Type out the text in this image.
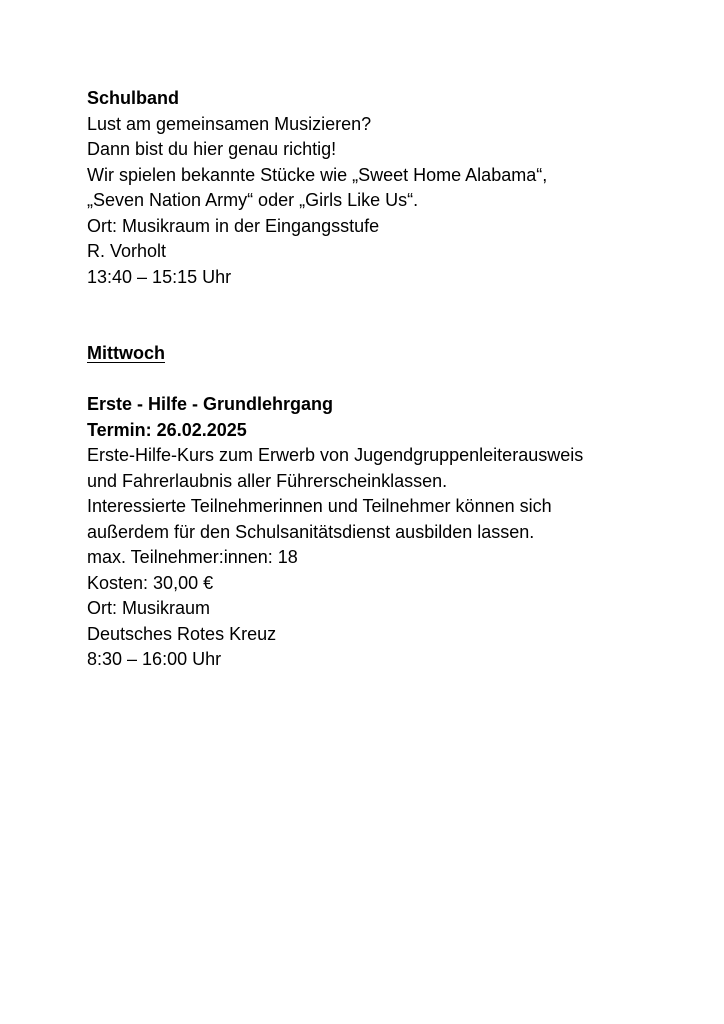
Schulband
Lust am gemeinsamen Musizieren?
Dann bist du hier genau richtig!
Wir spielen bekannte Stücke wie „Sweet Home Alabama“,
„Seven Nation Army“ oder „Girls Like Us“.
Ort: Musikraum in der Eingangsstufe
R. Vorholt
13:40 – 15:15 Uhr
Mittwoch
Erste - Hilfe - Grundlehrgang
Termin: 26.02.2025
Erste-Hilfe-Kurs zum Erwerb von Jugendgruppenleiterausweis
und Fahrerlaubnis aller Führerscheinklassen.
Interessierte Teilnehmerinnen und Teilnehmer können sich
außerdem für den Schulsanitätsdienst ausbilden lassen.
max. Teilnehmer:innen: 18
Kosten: 30,00 €
Ort: Musikraum
Deutsches Rotes Kreuz
8:30 – 16:00 Uhr
